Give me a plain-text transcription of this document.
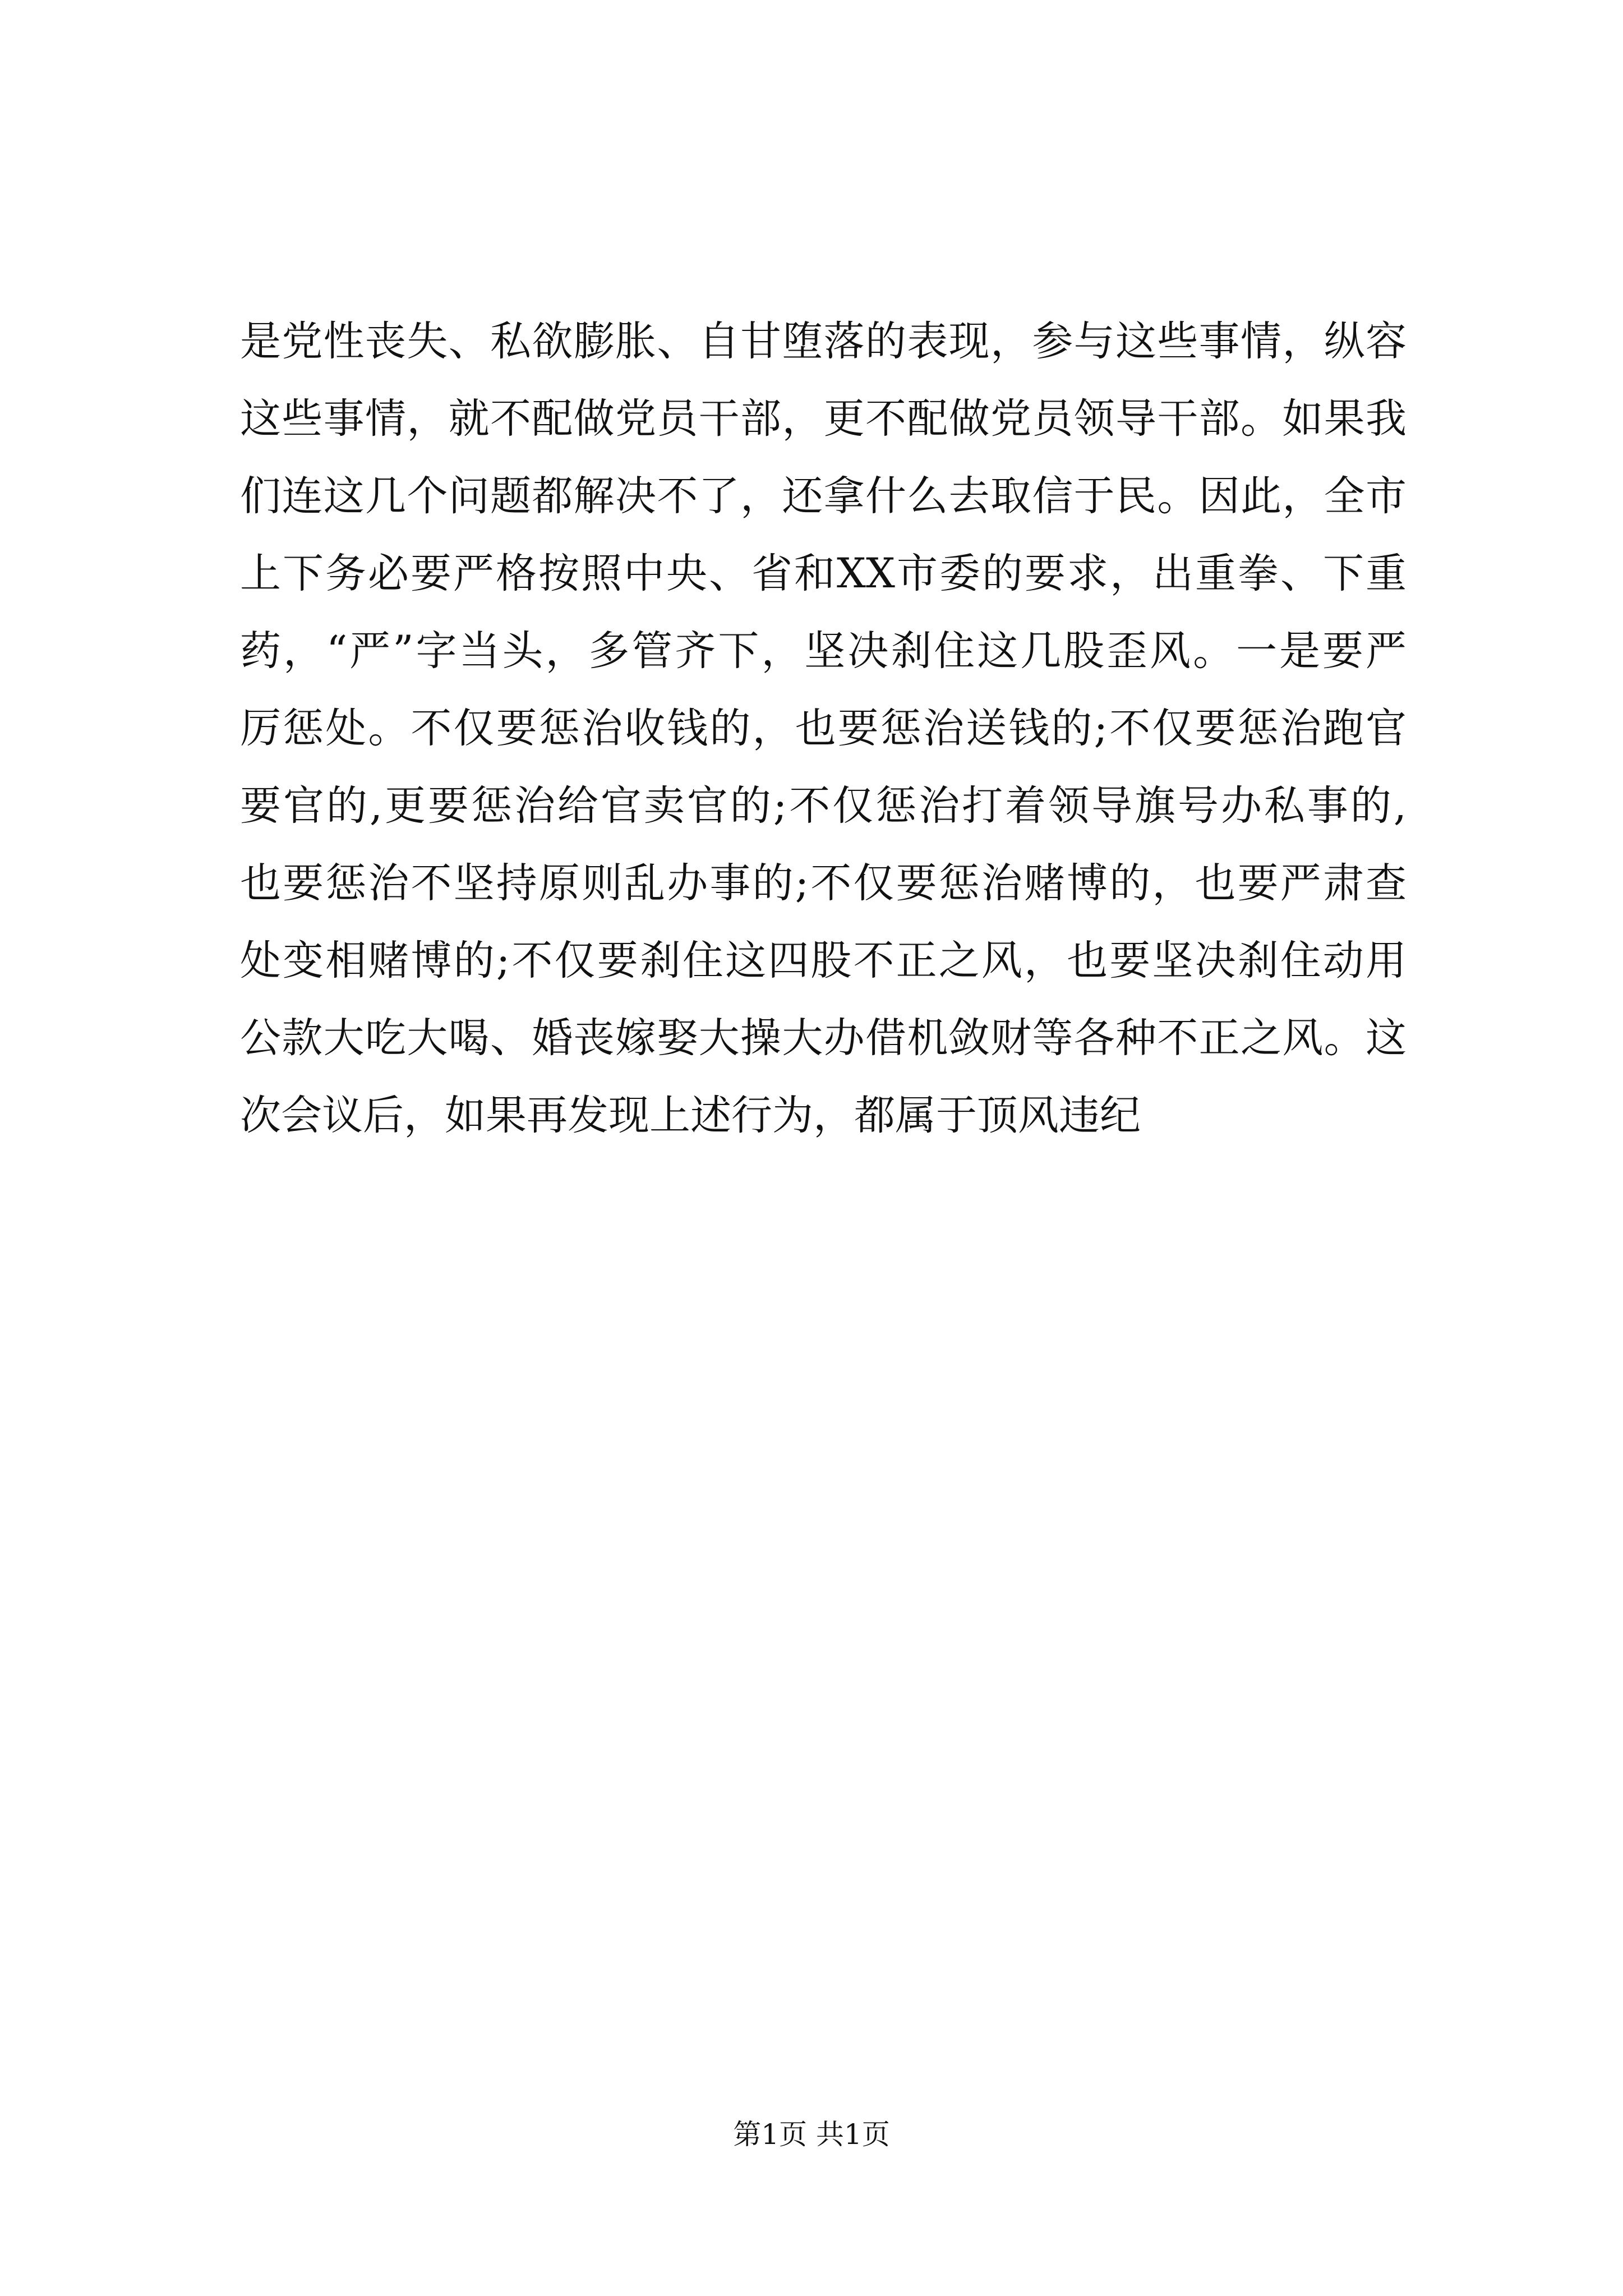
是党性丧失、私欲膨胀、自甘堕落的表现，参与这些事情，纵容
这些事情，就不配做党员干部，更不配做党员领导干部。如果我
们连这几个问题都解决不了，还拿什么去取信于民。因此，全市
上下务必要严格按照中央、省和XX市委的要求，出重拳、下重
药，“严”字当头，多管齐下，坚决刹住这几股歪风。一是要严
厉惩处。不仅要惩治收钱的，也要惩治送钱的;不仅要惩治跑官
要官的,更要惩治给官卖官的;不仅惩治打着领导旗号办私事的,
也要惩治不坚持原则乱办事的;不仅要惩治赌博的，也要严肃查
处变相赌博的;不仅要刹住这四股不正之风，也要坚决刹住动用
公款大吃大喝、婚丧嫁娶大操大办借机敛财等各种不正之风。这
次会议后，如果再发现上述行为，都属于顶风违纪
第1页 共1页
